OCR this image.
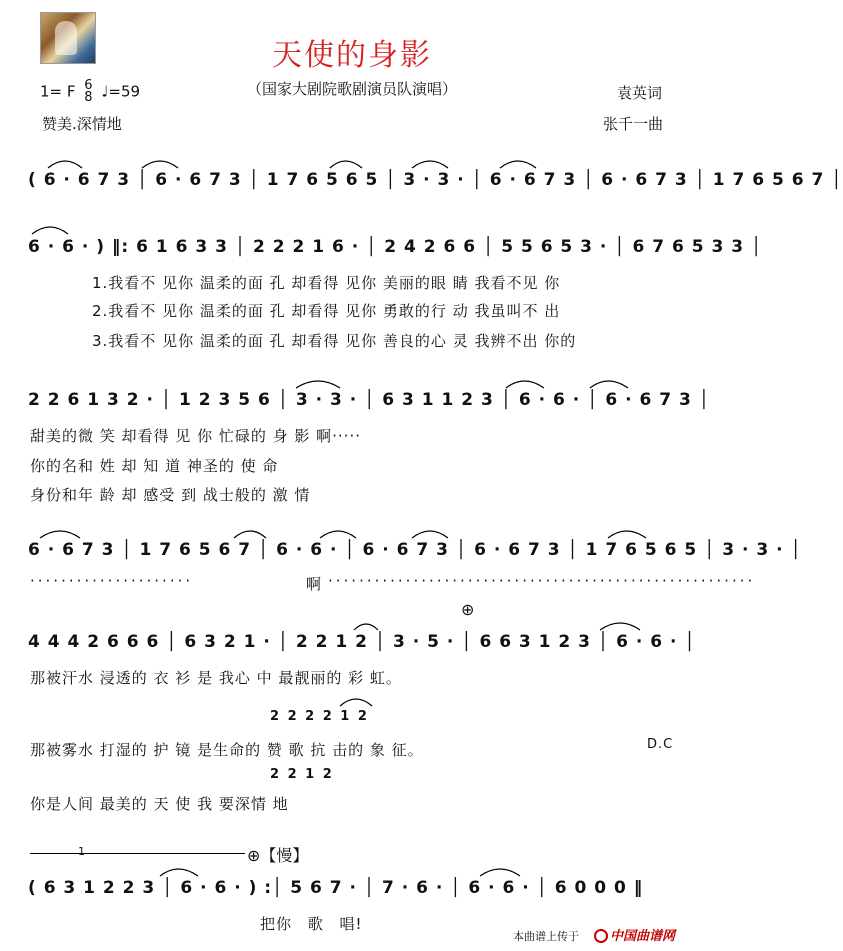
天使的身影
1= F 6
8 ♩=59	（国家大剧院歌剧演员队演唱）	袁英词
赞美.深情地	张千一曲
( 6 · 6 7 3 │ 6 · 6 7 3 │ 1 7 6 5 6 5 │ 3 · 3 · │ 6 · 6 7 3 │ 6 · 6 7 3 │ 1 7 6 5 6 7 │
6 · 6 · ) ‖: 6 1 6 3 3 │ 2 2 2 1 6 · │ 2 4 2 6 6 │ 5 5 6 5 3 · │ 6 7 6 5 3 3 │
1.我看不 见你 温柔的面 孔 却看得 见你 美丽的眼 睛 我看不见 你
2.我看不 见你 温柔的面 孔 却看得 见你 勇敢的行 动 我虽叫不 出
3.我看不 见你 温柔的面 孔 却看得 见你 善良的心 灵 我辨不出 你的
2 2 6 1 3 2 · │ 1 2 3 5 6 │ 3 · 3 · │ 6 3 1 1 2 3 │ 6 · 6 · │ 6 · 6 7 3 │
甜美的微 笑 却看得 见 你 忙碌的 身 影 啊·····
你的名和 姓 却 知 道 神圣的 使 命
身份和年 龄 却 感受 到 战士般的 激 情
6 · 6 7 3 │ 1 7 6 5 6 7 │ 6 · 6 · │ 6 · 6 7 3 │ 6 · 6 7 3 │ 1 7 6 5 6 5 │ 3 · 3 · │
·····················	啊 ·······················································
⊕
4 4 4 2 6 6 6 │ 6 3 2 1 · │ 2 2 1 2 │ 3 · 5 · │ 6 6 3 1 2 3 │ 6 · 6 · │
那被汗水 浸透的 衣 衫 是 我心 中 最靓丽的 彩 虹。
2 2 2 2 1 2
那被雾水 打湿的 护 镜 是生命的 赞 歌 抗 击的 象 征。	D.C
2 2 1 2
你是人间 最美的 天 使 我 要深情 地
1	⊕【慢】
( 6 3 1 2 2 3 │ 6 · 6 · ) :│ 5 6 7 · │ 7 · 6 · │ 6 · 6 · │ 6 0 0 0 ‖
把你 歌 唱!
本曲谱上传于	中国曲谱网
